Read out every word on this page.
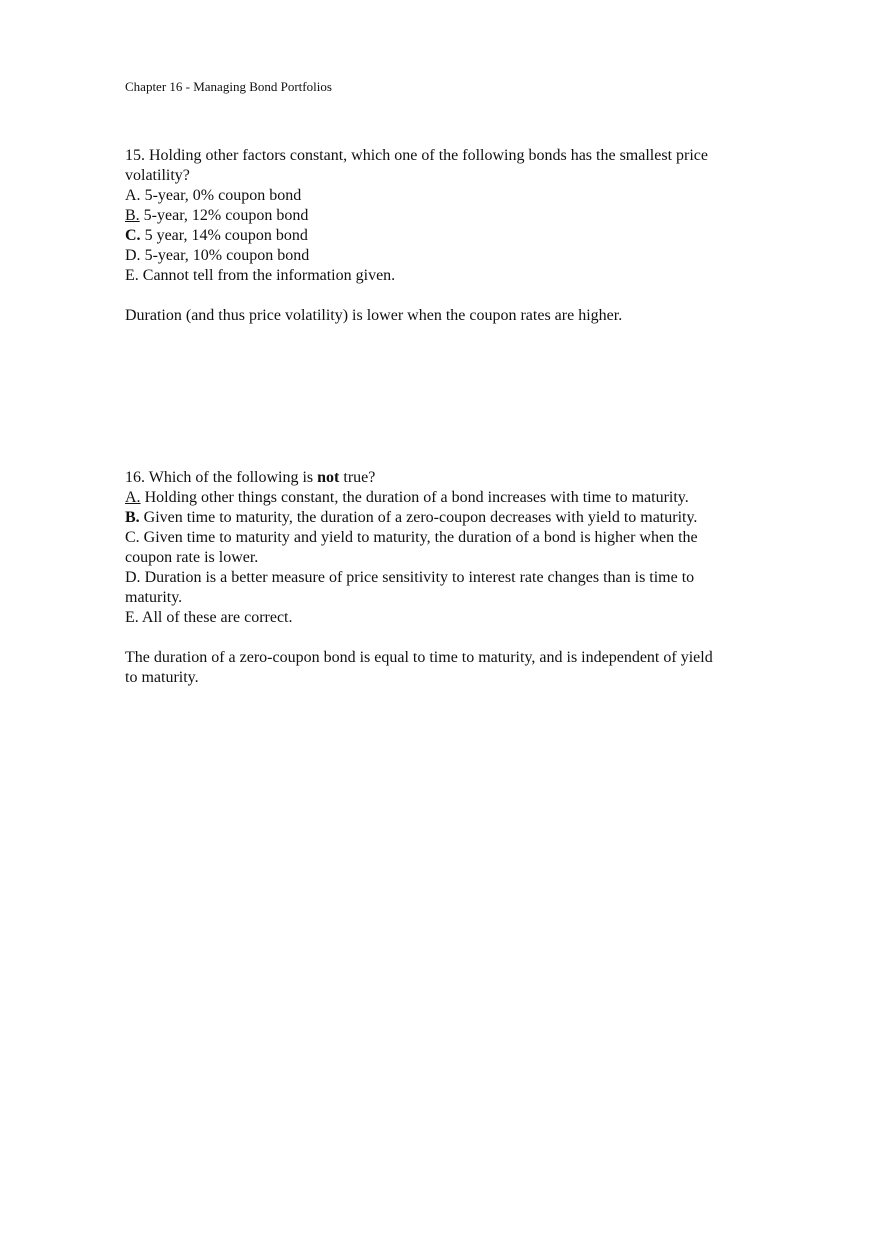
Chapter 16 - Managing Bond Portfolios
15. Holding other factors constant, which one of the following bonds has the smallest price
volatility?
A. 5-year, 0% coupon bond
B. 5-year, 12% coupon bond
C. 5 year, 14% coupon bond
D. 5-year, 10% coupon bond
E. Cannot tell from the information given.
Duration (and thus price volatility) is lower when the coupon rates are higher.
16. Which of the following is not true?
A. Holding other things constant, the duration of a bond increases with time to maturity.
B. Given time to maturity, the duration of a zero-coupon decreases with yield to maturity.
C. Given time to maturity and yield to maturity, the duration of a bond is higher when the
coupon rate is lower.
D. Duration is a better measure of price sensitivity to interest rate changes than is time to
maturity.
E. All of these are correct.
The duration of a zero-coupon bond is equal to time to maturity, and is independent of yield
to maturity.
